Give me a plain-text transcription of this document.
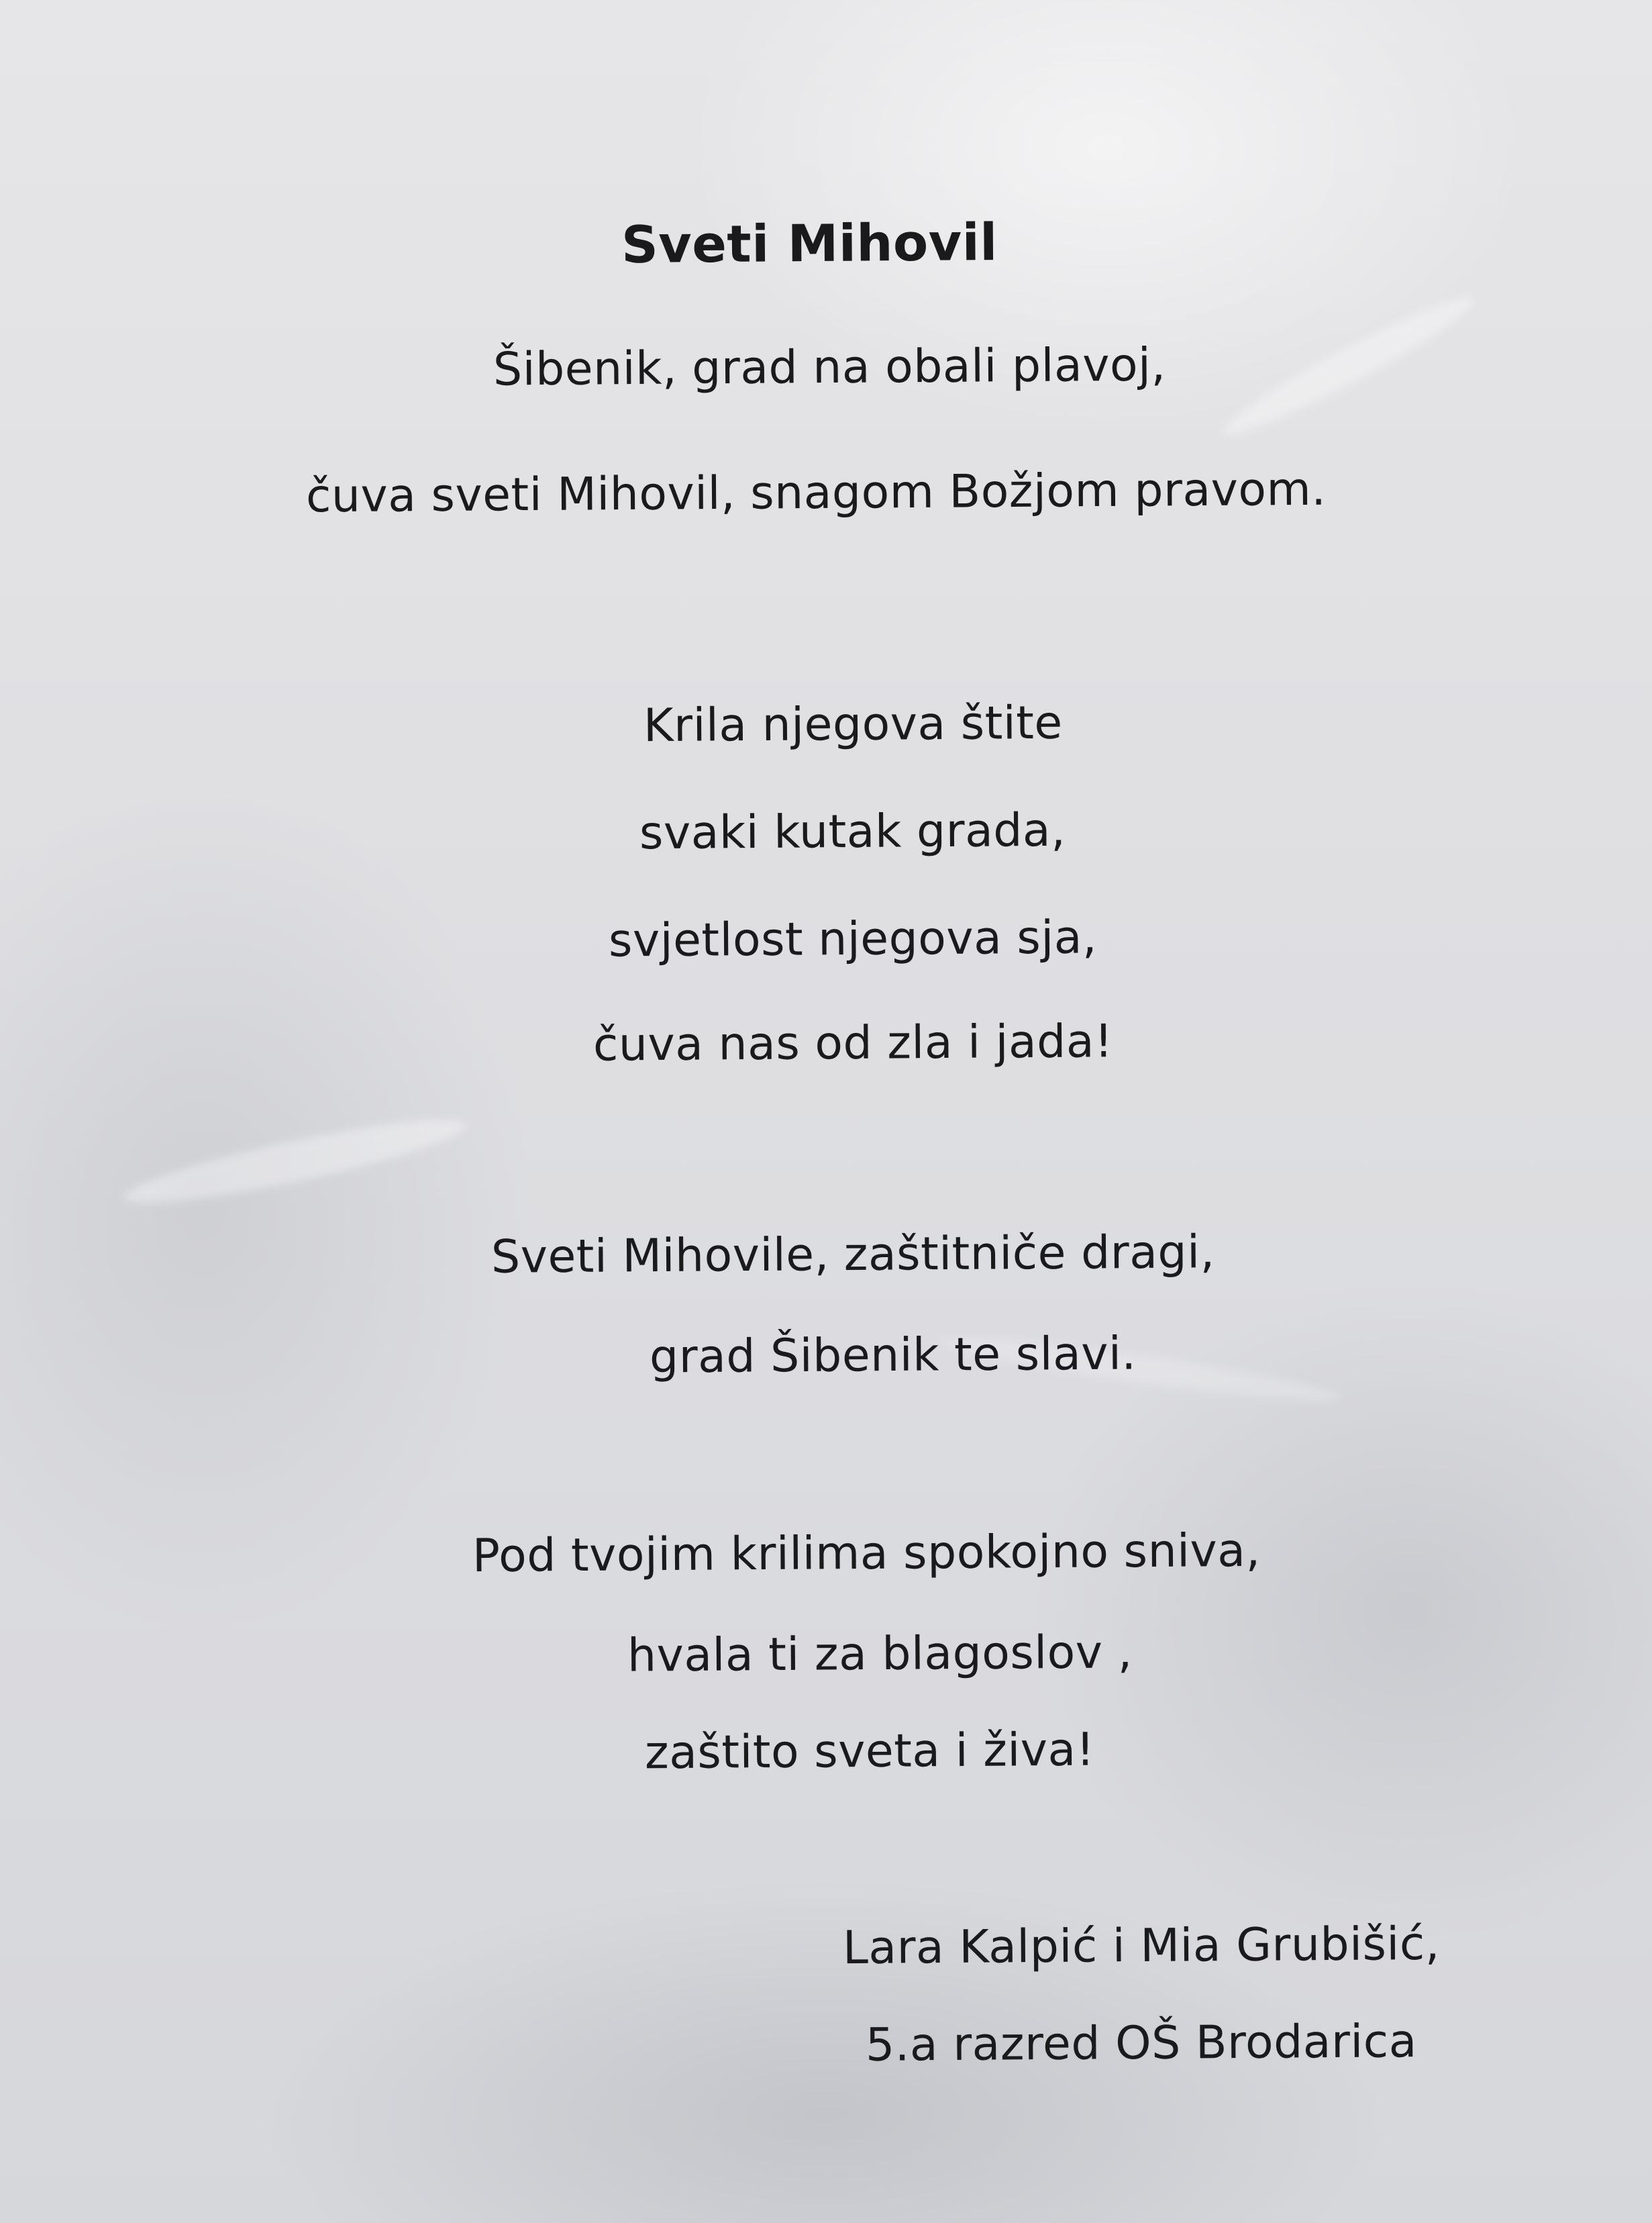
Sveti Mihovil
Šibenik, grad na obali plavoj,
čuva sveti Mihovil, snagom Božjom pravom.
Krila njegova štite
svaki kutak grada,
svjetlost njegova sja,
čuva nas od zla i jada!
Sveti Mihovile, zaštitniče dragi,
grad Šibenik te slavi.
Pod tvojim krilima spokojno sniva,
hvala ti za blagoslov ,
zaštito sveta i živa!
Lara Kalpić i Mia Grubišić,
5.a razred OŠ Brodarica
